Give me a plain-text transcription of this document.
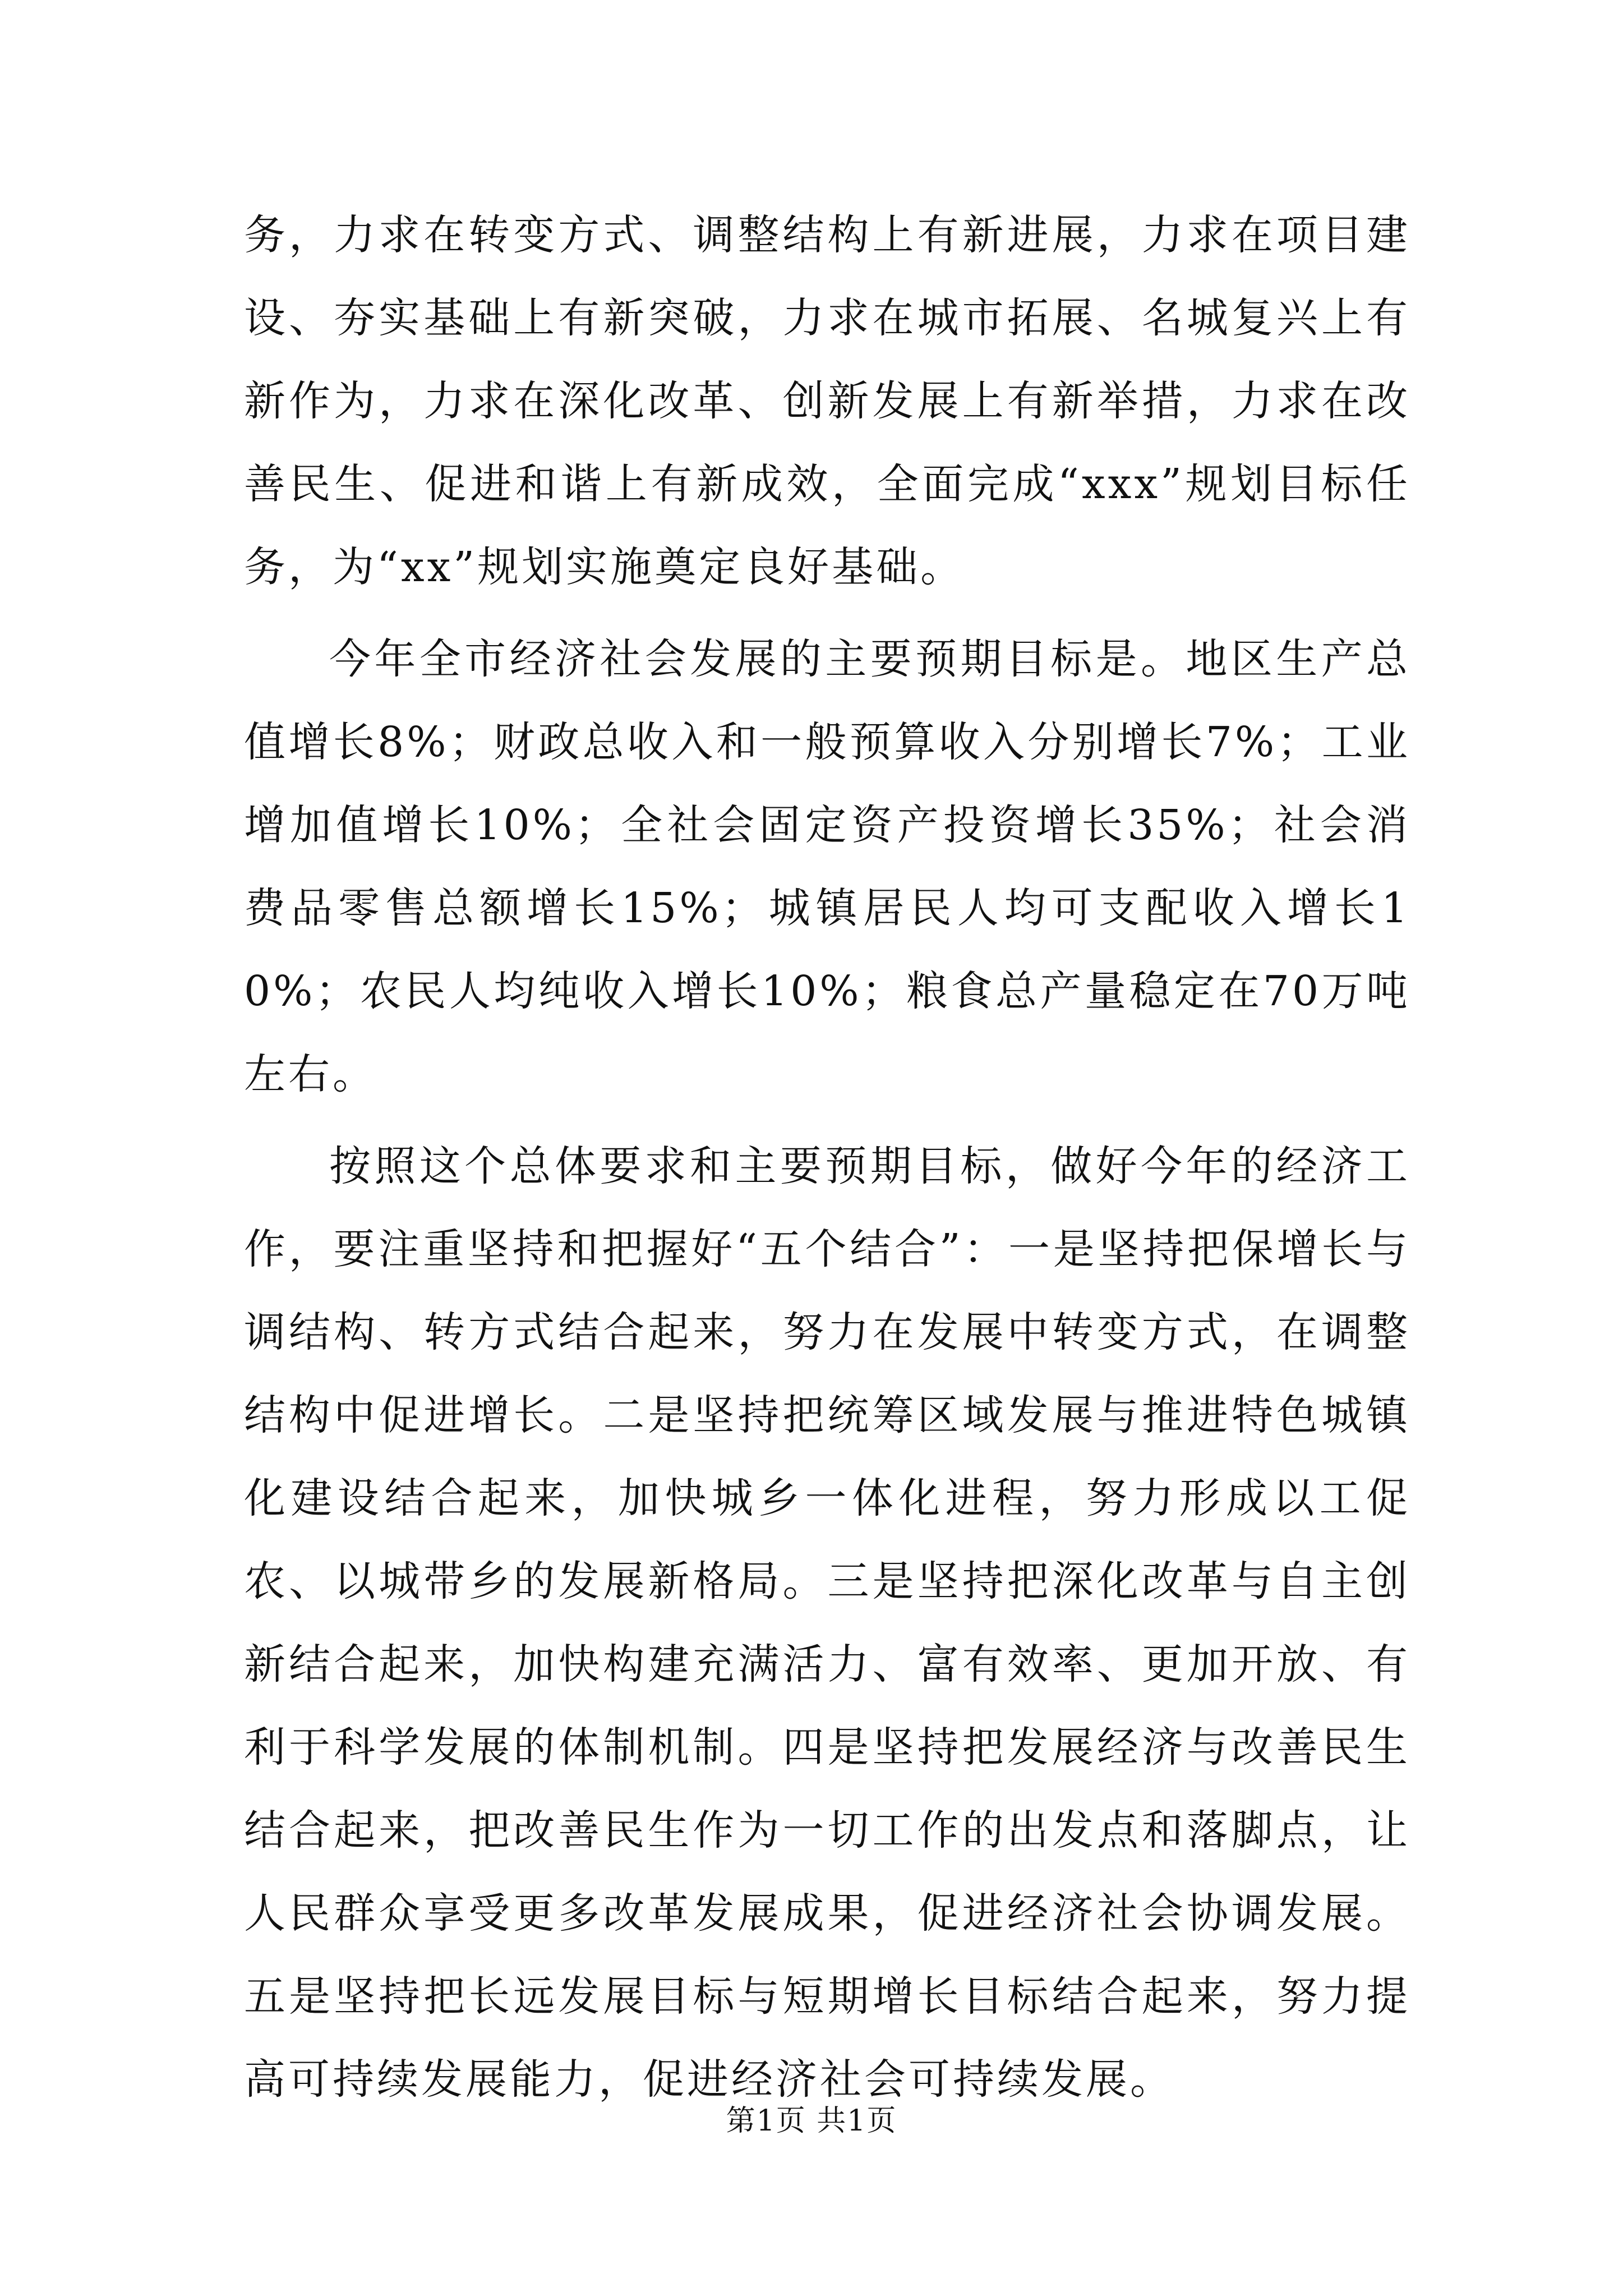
务，力求在转变方式、调整结构上有新进展，力求在项目建设、夯实基础上有新突破，力求在城市拓展、名城复兴上有新作为，力求在深化改革、创新发展上有新举措，力求在改善民生、促进和谐上有新成效，全面完成“xxx”规划目标任务，为“xx”规划实施奠定良好基础。

今年全市经济社会发展的主要预期目标是。地区生产总值增长8%；财政总收入和一般预算收入分别增长7%；工业增加值增长10%；全社会固定资产投资增长35%；社会消费品零售总额增长15%；城镇居民人均可支配收入增长10%；农民人均纯收入增长10%；粮食总产量稳定在70万吨左右。

按照这个总体要求和主要预期目标，做好今年的经济工作，要注重坚持和把握好“五个结合”：一是坚持把保增长与调结构、转方式结合起来，努力在发展中转变方式，在调整结构中促进增长。二是坚持把统筹区域发展与推进特色城镇化建设结合起来，加快城乡一体化进程，努力形成以工促农、以城带乡的发展新格局。三是坚持把深化改革与自主创新结合起来，加快构建充满活力、富有效率、更加开放、有利于科学发展的体制机制。四是坚持把发展经济与改善民生结合起来，把改善民生作为一切工作的出发点和落脚点，让人民群众享受更多改革发展成果，促进经济社会协调发展。五是坚持把长远发展目标与短期增长目标结合起来，努力提高可持续发展能力，促进经济社会可持续发展。

第1页 共1页
